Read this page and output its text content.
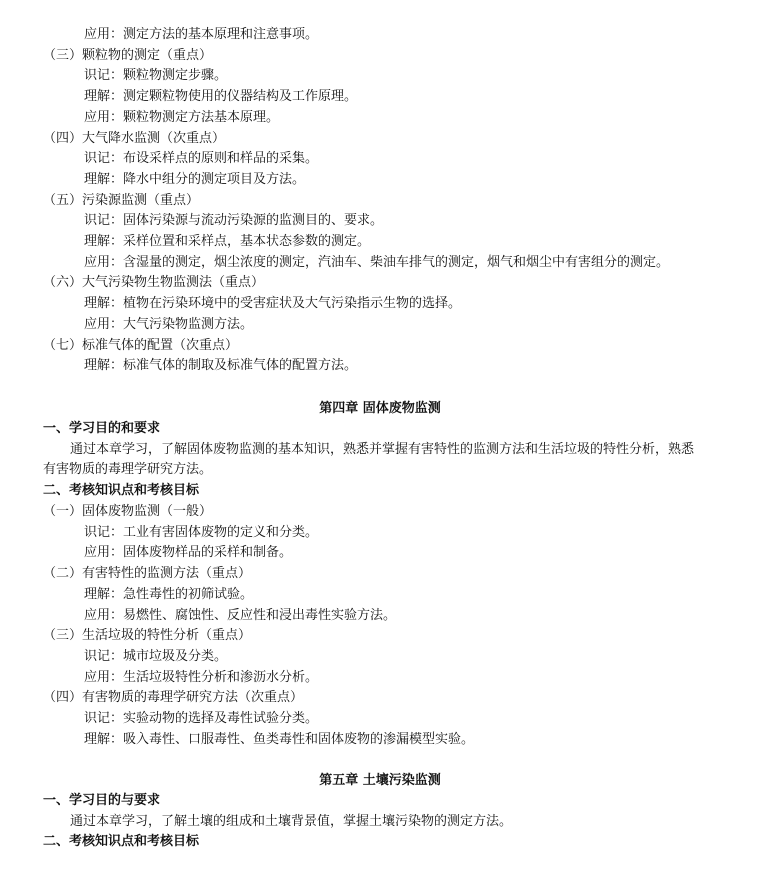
应用：测定方法的基本原理和注意事项。
（三）颗粒物的测定（重点）
识记：颗粒物测定步骤。
理解：测定颗粒物使用的仪器结构及工作原理。
应用：颗粒物测定方法基本原理。
（四）大气降水监测（次重点）
识记：布设采样点的原则和样品的采集。
理解：降水中组分的测定项目及方法。
（五）污染源监测（重点）
识记：固体污染源与流动污染源的监测目的、要求。
理解：采样位置和采样点，基本状态参数的测定。
应用：含湿量的测定，烟尘浓度的测定，汽油车、柴油车排气的测定，烟气和烟尘中有害组分的测定。
（六）大气污染物生物监测法（重点）
理解：植物在污染环境中的受害症状及大气污染指示生物的选择。
应用：大气污染物监测方法。
（七）标准气体的配置（次重点）
理解：标准气体的制取及标准气体的配置方法。
第四章 固体废物监测
一、学习目的和要求
通过本章学习，了解固体废物监测的基本知识，熟悉并掌握有害特性的监测方法和生活垃圾的特性分析，熟悉
有害物质的毒理学研究方法。
二、考核知识点和考核目标
（一）固体废物监测（一般）
识记：工业有害固体废物的定义和分类。
应用：固体废物样品的采样和制备。
（二）有害特性的监测方法（重点）
理解：急性毒性的初筛试验。
应用：易燃性、腐蚀性、反应性和浸出毒性实验方法。
（三）生活垃圾的特性分析（重点）
识记：城市垃圾及分类。
应用：生活垃圾特性分析和渗沥水分析。
（四）有害物质的毒理学研究方法（次重点）
识记：实验动物的选择及毒性试验分类。
理解：吸入毒性、口服毒性、鱼类毒性和固体废物的渗漏模型实验。
第五章 土壤污染监测
一、学习目的与要求
通过本章学习，了解土壤的组成和土壤背景值，掌握土壤污染物的测定方法。
二、考核知识点和考核目标
